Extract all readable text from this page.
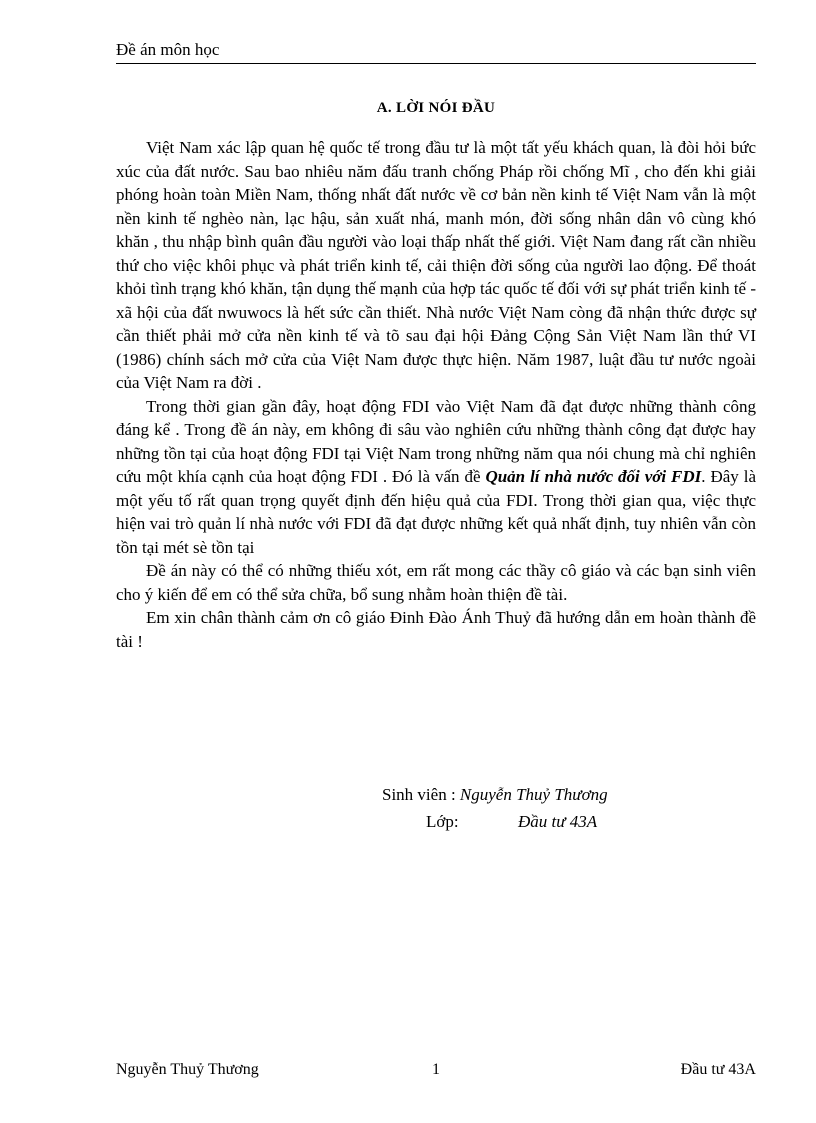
Đề án môn học
A. LỜI NÓI ĐẦU

Việt Nam xác lập quan hệ quốc tế trong đầu tư là một tất yếu khách quan, là đòi hỏi bức xúc của đất nước. Sau bao nhiêu năm đấu tranh chống Pháp rồi chống Mĩ , cho đến khi giải phóng hoàn toàn Miền Nam, thống nhất đất nước về cơ bản nền kinh tế Việt Nam vẫn là một nền kinh tế nghèo nàn, lạc hậu, sản xuất nhá, manh món, đời sống nhân dân vô cùng khó khăn , thu nhập bình quân đầu người vào loại thấp nhất thế giới. Việt Nam đang rất cần nhiều thứ cho việc khôi phục và phát triển kinh tế, cải thiện đời sống của người lao động. Để thoát khỏi tình trạng khó khăn, tận dụng thế mạnh của hợp tác quốc tế đối với sự phát triển kinh tế - xã hội của đất nwuwocs là hết sức cần thiết. Nhà nước Việt Nam còng đã nhận thức được sự cần thiết phải mở cửa nền kinh tế và tõ sau đại hội Đảng Cộng Sản Việt Nam lần thứ VI (1986) chính sách mở cửa của Việt Nam được thực hiện. Năm 1987, luật đầu tư nước ngoài của Việt Nam ra đời .

Trong thời gian gần đây, hoạt động FDI vào Việt Nam đã đạt được những thành công đáng kể . Trong đề án này, em không đi sâu vào nghiên cứu những thành công đạt được hay những tồn tại của hoạt động FDI tại Việt Nam trong những năm qua nói chung mà chỉ nghiên cứu một khía cạnh của hoạt động FDI . Đó là vấn đề Quản lí nhà nước đối với FDI. Đây là một yếu tố rất quan trọng quyết định đến hiệu quả của FDI. Trong thời gian qua, việc thực hiện vai trò quản lí nhà nước với FDI đã đạt được những kết quả nhất định, tuy nhiên vẫn còn tồn tại mét sè tồn tại

Đề án này có thể có những thiếu xót, em rất mong các thầy cô giáo và các bạn sinh viên cho ý kiến để em có thể sửa chữa, bổ sung nhằm hoàn thiện đề tài.

Em xin chân thành cảm ơn cô giáo Đinh Đào Ánh Thuỷ đã hướng dẫn em hoàn thành đề tài !

Sinh viên : Nguyễn Thuỷ Thương
Lớp:	Đầu tư 43A
Nguyễn Thuỷ Thương	1	Đầu tư 43A
